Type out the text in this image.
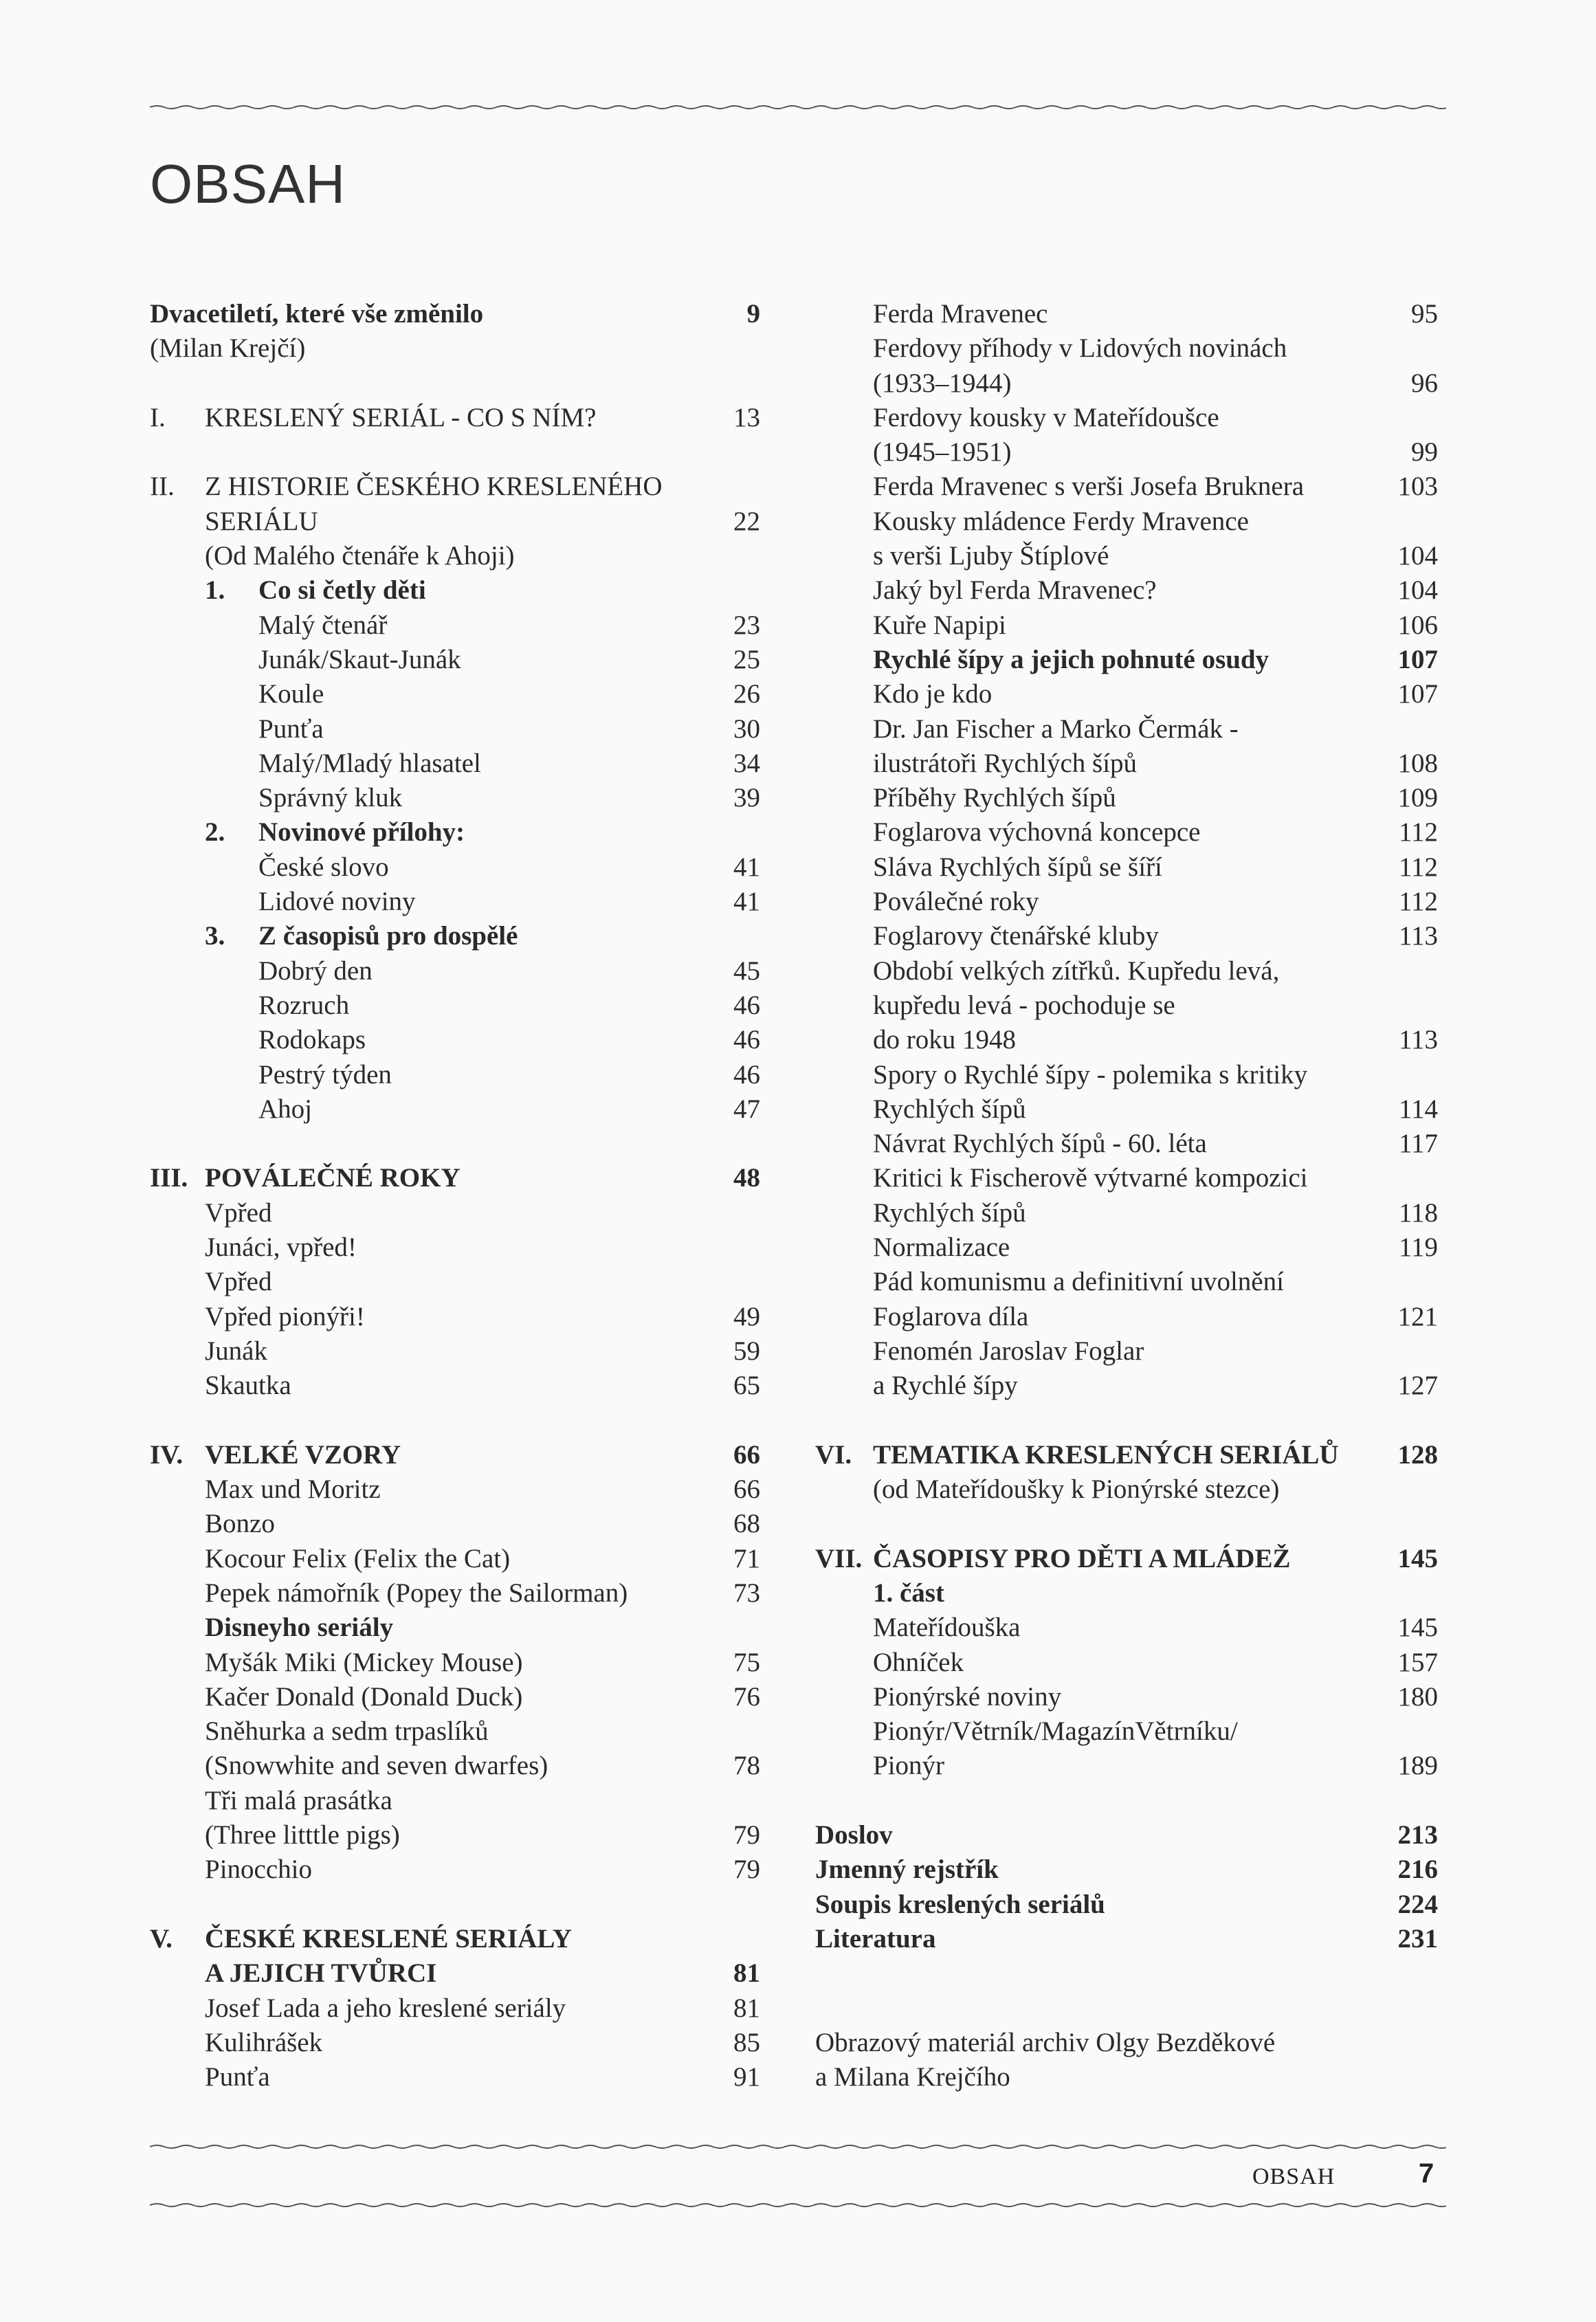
OBSAH
Dvacetiletí, které vše změnilo	9
(Milan Krejčí)
I. KRESLENÝ SERIÁL - CO S NÍM?	13
II. Z HISTORIE ČESKÉHO KRESLENÉHO
SERIÁLU	22
(Od Malého čtenáře k Ahoji)
1. Co si četly děti
Malý čtenář	23
Junák/Skaut-Junák	25
Koule	26
Punťa	30
Malý/Mladý hlasatel	34
Správný kluk	39
2. Novinové přílohy:
České slovo	41
Lidové noviny	41
3. Z časopisů pro dospělé
Dobrý den	45
Rozruch	46
Rodokaps	46
Pestrý týden	46
Ahoj	47
III. POVÁLEČNÉ ROKY	48
Vpřed
Junáci, vpřed!
Vpřed
Vpřed pionýři!	49
Junák	59
Skautka	65
IV. VELKÉ VZORY	66
Max und Moritz	66
Bonzo	68
Kocour Felix (Felix the Cat)	71
Pepek námořník (Popey the Sailorman)	73
Disneyho seriály
Myšák Miki (Mickey Mouse)	75
Kačer Donald (Donald Duck)	76
Sněhurka a sedm trpaslíků
(Snowwhite and seven dwarfes)	78
Tři malá prasátka
(Three litttle pigs)	79
Pinocchio	79
V. ČESKÉ KRESLENÉ SERIÁLY
A JEJICH TVŮRCI	81
Josef Lada a jeho kreslené seriály	81
Kulihrášek	85
Punťa	91
Ferda Mravenec	95
Ferdovy příhody v Lidových novinách
(1933–1944)	96
Ferdovy kousky v Mateřídoušce
(1945–1951)	99
Ferda Mravenec s verši Josefa Bruknera	103
Kousky mládence Ferdy Mravence
s verši Ljuby Štíplové	104
Jaký byl Ferda Mravenec?	104
Kuře Napipi	106
Rychlé šípy a jejich pohnuté osudy	107
Kdo je kdo	107
Dr. Jan Fischer a Marko Čermák -
ilustrátoři Rychlých šípů	108
Příběhy Rychlých šípů	109
Foglarova výchovná koncepce	112
Sláva Rychlých šípů se šíří	112
Poválečné roky	112
Foglarovy čtenářské kluby	113
Období velkých zítřků. Kupředu levá,
kupředu levá - pochoduje se
do roku 1948	113
Spory o Rychlé šípy - polemika s kritiky
Rychlých šípů	114
Návrat Rychlých šípů - 60. léta	117
Kritici k Fischerově výtvarné kompozici
Rychlých šípů	118
Normalizace	119
Pád komunismu a definitivní uvolnění
Foglarova díla	121
Fenomén Jaroslav Foglar
a Rychlé šípy	127
VI. TEMATIKA KRESLENÝCH SERIÁLŮ 128
(od Mateřídoušky k Pionýrské stezce)
VII. ČASOPISY PRO DĚTI A MLÁDEŽ	145
1. část
Mateřídouška	145
Ohníček	157
Pionýrské noviny	180
Pionýr/Větrník/MagazínVětrníku/
Pionýr	189
Doslov	213
Jmenný rejstřík	216
Soupis kreslených seriálů	224
Literatura	231
Obrazový materiál archiv Olgy Bezděkové
a Milana Krejčího
OBSAH	7
